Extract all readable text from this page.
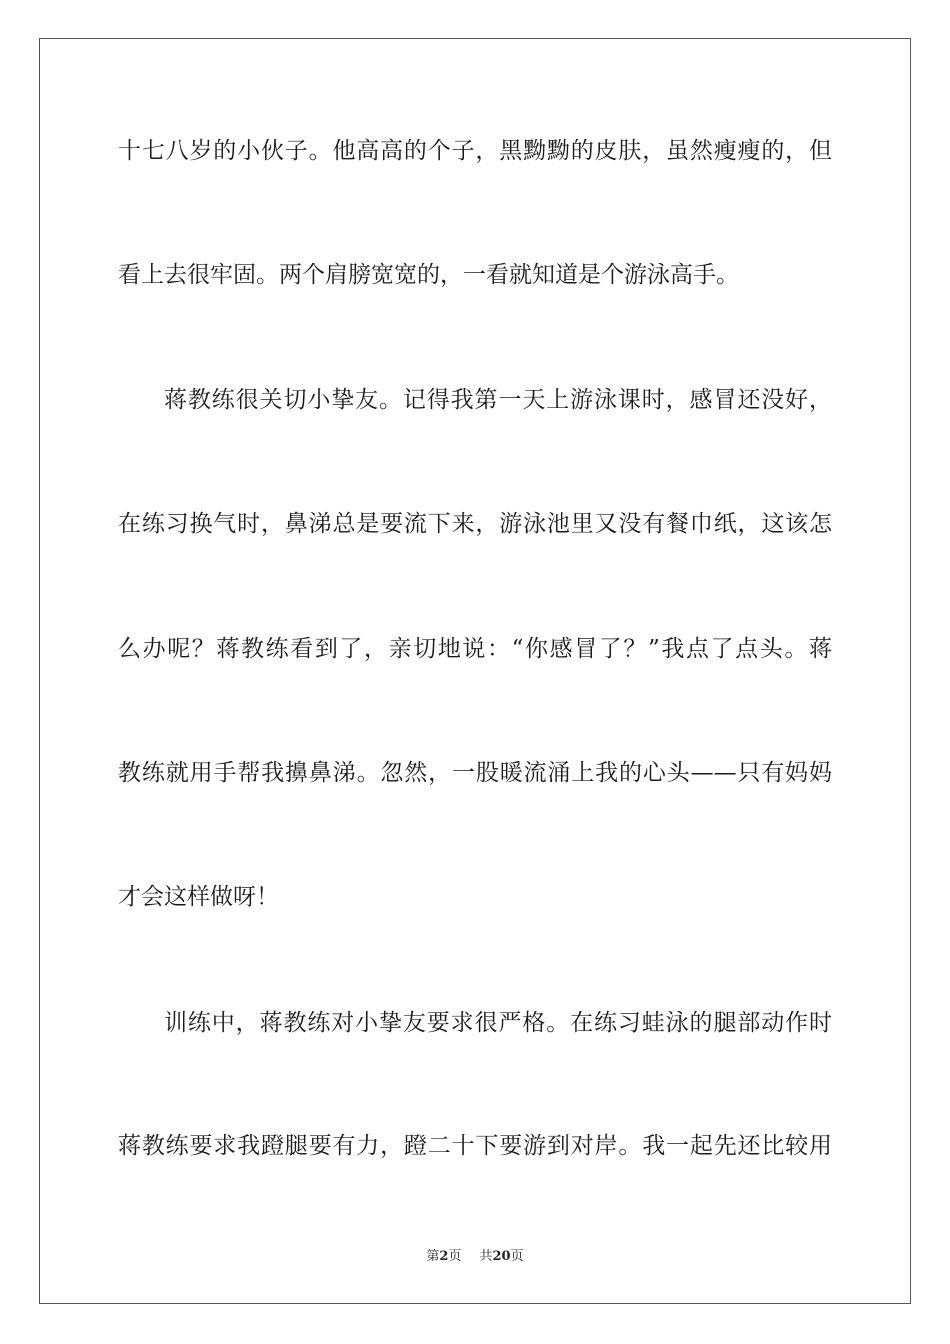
十七八岁的小伙子。他高高的个子，黑黝黝的皮肤，虽然瘦瘦的，但
看上去很牢固。两个肩膀宽宽的，一看就知道是个游泳高手。
蒋教练很关切小挚友。记得我第一天上游泳课时，感冒还没好，
在练习换气时，鼻涕总是要流下来，游泳池里又没有餐巾纸，这该怎
么办呢？蒋教练看到了，亲切地说：“你感冒了？”我点了点头。蒋
教练就用手帮我擤鼻涕。忽然，一股暖流涌上我的心头——只有妈妈
才会这样做呀！
训练中，蒋教练对小挚友要求很严格。在练习蛙泳的腿部动作时
蒋教练要求我蹬腿要有力，蹬二十下要游到对岸。我一起先还比较用
第2页 共20页
